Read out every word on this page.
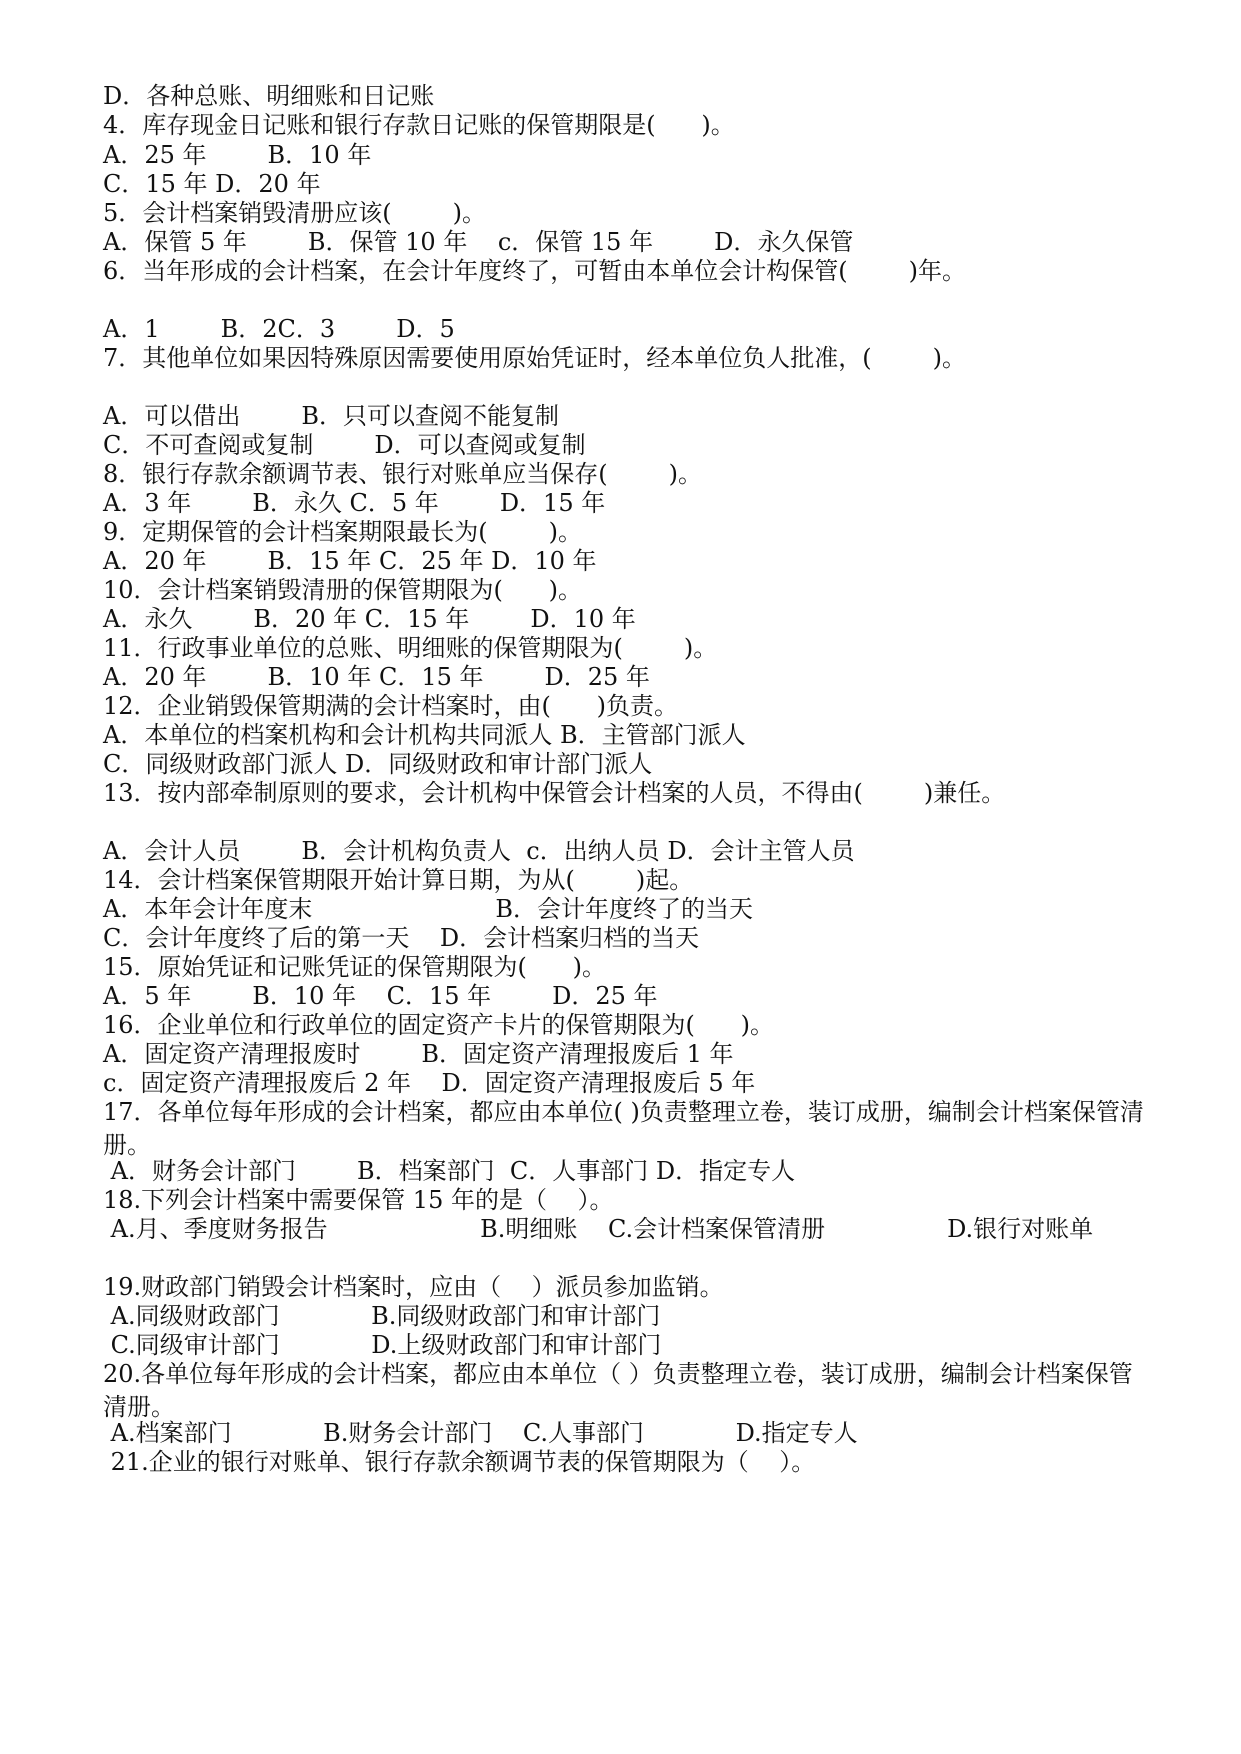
D．各种总账、明细账和日记账
4．库存现金日记账和银行存款日记账的保管期限是(      )。
A．25 年        B．10 年
C．15 年 D．20 年
5．会计档案销毁清册应该(        )。
A．保管 5 年        B．保管 10 年    c．保管 15 年        D．永久保管
6．当年形成的会计档案，在会计年度终了，可暂由本单位会计构保管(        )年。
A．1        B．2C．3        D．5
7．其他单位如果因特殊原因需要使用原始凭证时，经本单位负人批准，(        )。
A．可以借出        B．只可以查阅不能复制
C．不可查阅或复制        D．可以查阅或复制
8．银行存款余额调节表、银行对账单应当保存(        )。
A．3 年        B．永久 C．5 年        D．15 年
9．定期保管的会计档案期限最长为(        )。
A．20 年        B．15 年 C．25 年 D．10 年
10．会计档案销毁清册的保管期限为(      )。
A．永久        B．20 年 C．15 年        D．10 年
11．行政事业单位的总账、明细账的保管期限为(        )。
A．20 年        B．10 年 C．15 年        D．25 年
12．企业销毁保管期满的会计档案时，由(      )负责。
A．本单位的档案机构和会计机构共同派人 B．主管部门派人
C．同级财政部门派人 D．同级财政和审计部门派人
13．按内部牵制原则的要求，会计机构中保管会计档案的人员，不得由(        )兼任。
A．会计人员        B．会计机构负责人  c．出纳人员 D．会计主管人员
14．会计档案保管期限开始计算日期，为从(        )起。
A．本年会计年度末                        B．会计年度终了的当天
C．会计年度终了后的第一天    D．会计档案归档的当天
15．原始凭证和记账凭证的保管期限为(      )。
A．5 年        B．10 年    C．15 年        D．25 年
16．企业单位和行政单位的固定资产卡片的保管期限为(      )。
A．固定资产清理报废时        B．固定资产清理报废后 1 年
c．固定资产清理报废后 2 年    D．固定资产清理报废后 5 年
17．各单位每年形成的会计档案，都应由本单位( )负责整理立卷，装订成册，编制会计档案保管清册。
A．财务会计部门        B．档案部门  C．人事部门 D．指定专人
18.下列会计档案中需要保管 15 年的是（    ）。
A.月、季度财务报告                    B.明细账    C.会计档案保管清册                D.银行对账单
19.财政部门销毁会计档案时，应由（    ）派员参加监销。
A.同级财政部门            B.同级财政部门和审计部门
C.同级审计部门            D.上级财政部门和审计部门
20.各单位每年形成的会计档案，都应由本单位（ ）负责整理立卷，装订成册，编制会计档案保管清册。
A.档案部门            B.财务会计部门    C.人事部门            D.指定专人
21.企业的银行对账单、银行存款余额调节表的保管期限为（    ）。
